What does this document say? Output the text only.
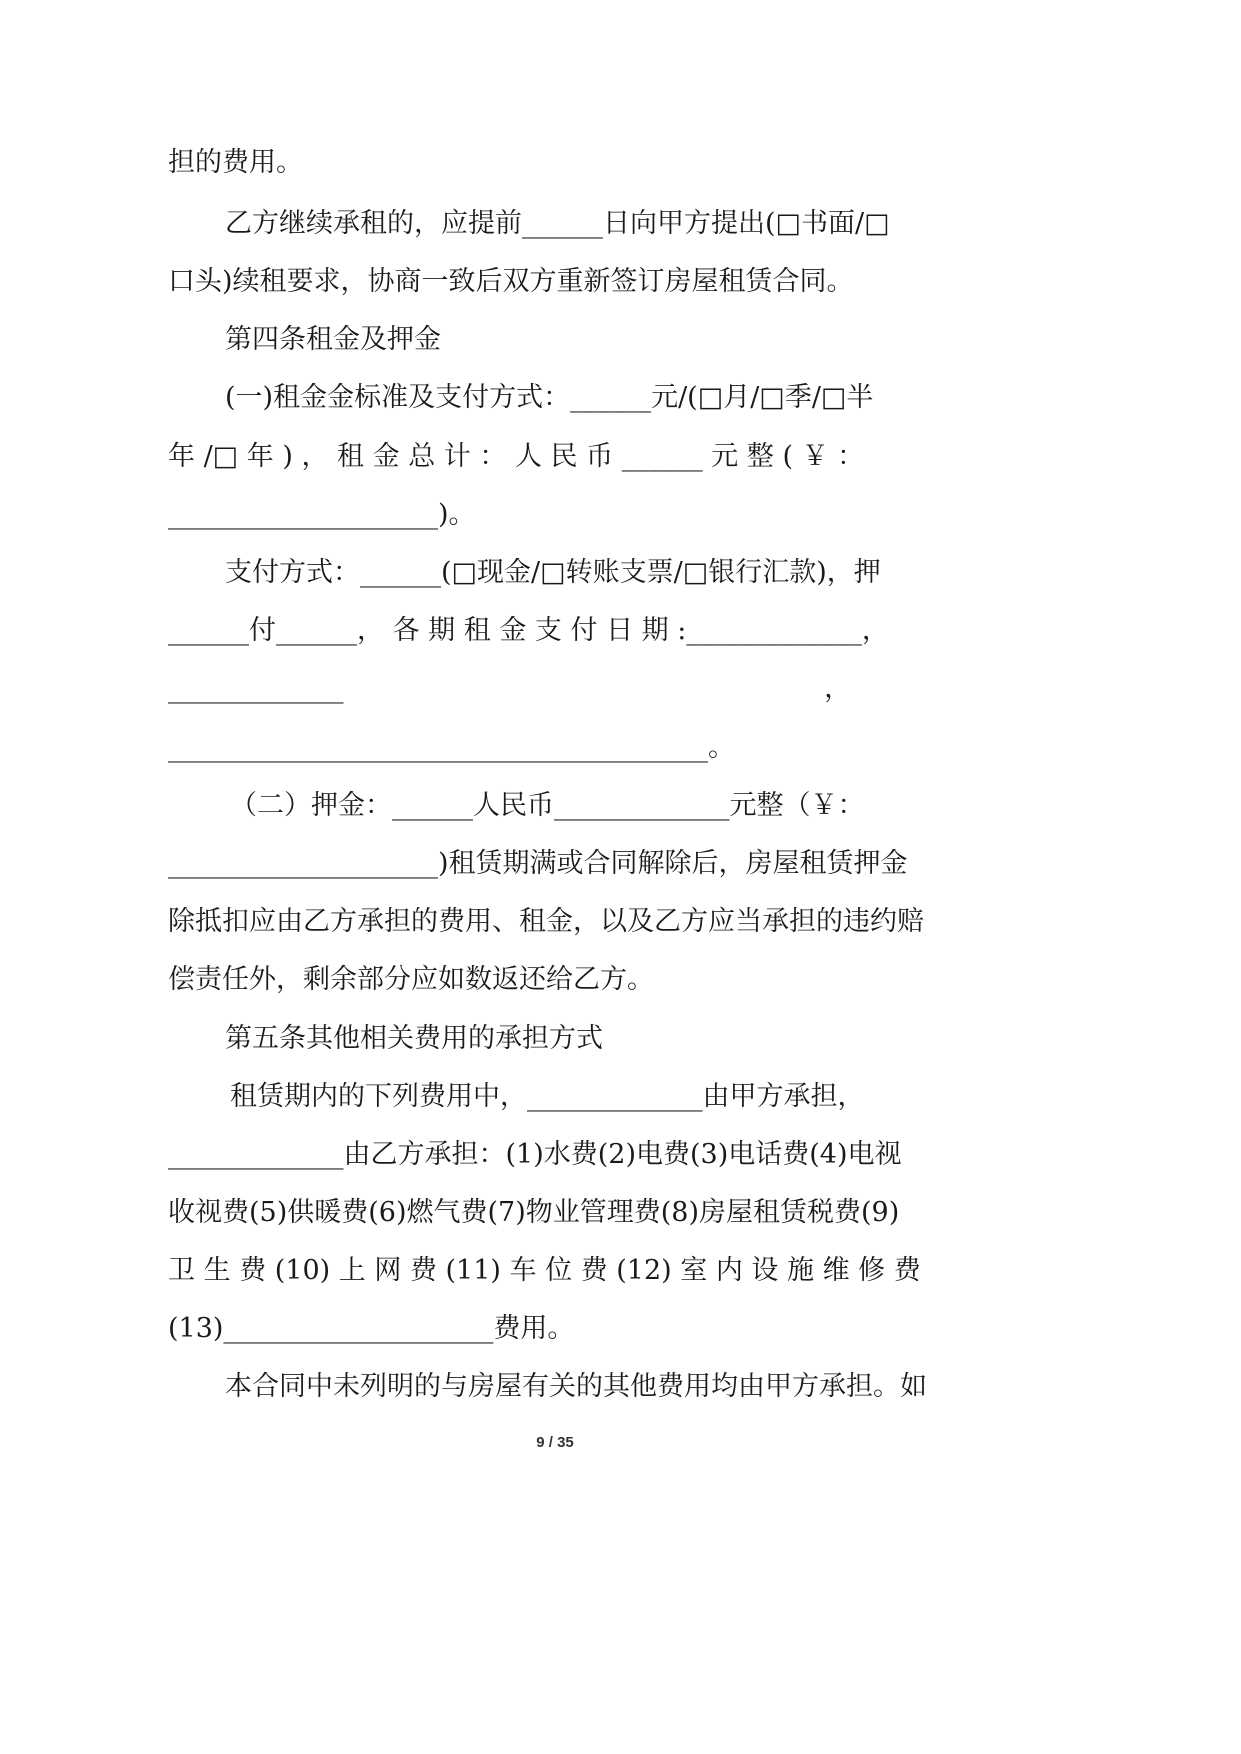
担的费用。
乙方继续承租的，应提前______日向甲方提出(□书面/□
口头)续租要求，协商一致后双方重新签订房屋租赁合同。
第四条租金及押金
(一)租金金标准及支付方式：______元/(□月/□季/□半
年 /□ 年 ) ， 租 金 总 计 ： 人 民 币 ______ 元 整 ( ￥ ：
____________________)。
支付方式：______(□现金/□转账支票/□银行汇款)，押
______付______， 各 期 租 金 支 付 日 期 :_____________，
_____________                                                        ，
________________________________________。
（二）押金：______人民币_____________元整（￥：
____________________)租赁期满或合同解除后，房屋租赁押金
除抵扣应由乙方承担的费用、租金，以及乙方应当承担的违约赔
偿责任外，剩余部分应如数返还给乙方。
第五条其他相关费用的承担方式
租赁期内的下列费用中，_____________由甲方承担，
_____________由乙方承担：(1)水费(2)电费(3)电话费(4)电视
收视费(5)供暖费(6)燃气费(7)物业管理费(8)房屋租赁税费(9)
卫 生 费 (10) 上 网 费 (11) 车 位 费 (12) 室 内 设 施 维 修 费
(13)____________________费用。
本合同中未列明的与房屋有关的其他费用均由甲方承担。如
9 / 35
